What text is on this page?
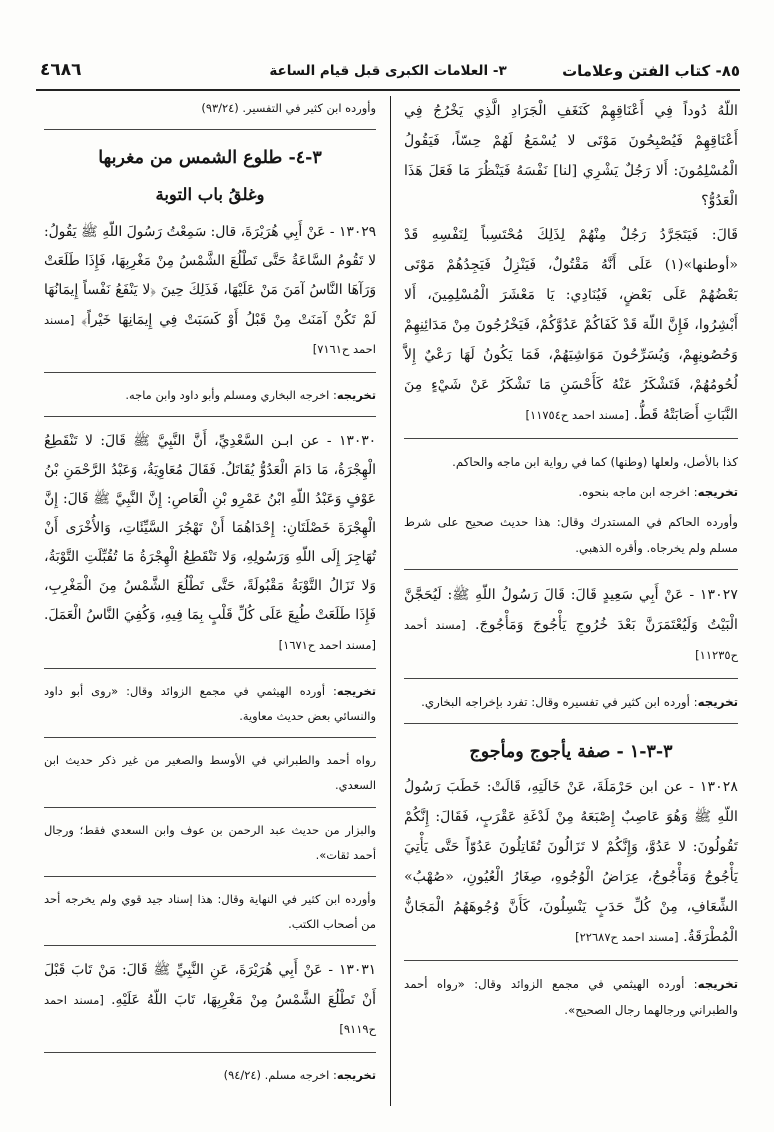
٨٥- كتاب الفتن وعلامات
٣- العلامات الكبرى قبل قيام الساعة
٤٦٨٦

اللّهُ دُوداً فِي أَعْنَاقِهِمْ كَنَغَفِ الْجَرَادِ الَّذِي يَخْرُجُ فِي أَعْنَاقِهِمْ فَيُصْبِحُونَ مَوْتَى لا يُسْمَعُ لَهُمْ حِسّاً، فَيَقُولُ الْمُسْلِمُونَ: أَلا رَجُلٌ يَشْرِي [لنا] نَفْسَهُ فَيَنْظُرَ مَا فَعَلَ هَذَا الْعَدُوُّ؟

قَالَ: فَيَتَجَرَّدُ رَجُلٌ مِنْهُمْ لِذَلِكَ مُحْتَسِباً لِنَفْسِهِ قَدْ «أوطنها»(١) عَلَى أَنَّهُ مَقْتُولٌ، فَيَنْزِلُ فَيَجِدُهُمْ مَوْتَى بَعْضُهُمْ عَلَى بَعْضٍ، فَيُنَادِي: يَا مَعْشَرَ الْمُسْلِمِينَ، أَلا أَبْشِرُوا، فَإِنَّ اللّهَ قَدْ كَفَاكُمْ عَدُوَّكُمْ، فَيَخْرُجُونَ مِنْ مَدَائِنِهِمْ وَحُصُونِهِمْ، وَيُسَرِّحُونَ مَوَاشِيَهُمْ، فَمَا يَكُونُ لَهَا رَعْيٌ إِلاَّ لُحُومُهُمْ، فَتَشْكَرُ عَنْهُ كَأَحْسَنِ مَا تَشْكَرُ عَنْ شَيْءٍ مِنَ النَّبَاتِ أَصَابَتْهُ قَطُّ. [مسند احمد ح١١٧٥٤]

كذا بالأصل، ولعلها (وطنها) كما في رواية ابن ماجه والحاكم.

تخريجه: اخرجه ابن ماجه بنحوه.

وأورده الحاكم في المستدرك وقال: هذا حديث صحيح على شرط مسلم ولم يخرجاه. وأقره الذهبي.

١٣٠٢٧ - عَنْ أَبِي سَعِيدٍ قَالَ: قَالَ رَسُولُ اللّهِ ﷺ: لَيُحَجَّنَّ الْبَيْتُ وَلَيُعْتَمَرَنَّ بَعْدَ خُرُوجِ يَأْجُوجَ وَمَأْجُوجَ. [مسند أحمد ح١١٢٣٥]

تخريجه: أورده ابن كثير في تفسيره وقال: تفرد بإخراجه البخاري.

٣-٣-١ - صفة يأجوج ومأجوج

١٣٠٢٨ - عن ابن حَرْمَلَةَ، عَنْ خَالَتِهِ، قَالَتْ: خَطَبَ رَسُولُ اللّهِ ﷺ وَهُوَ عَاصِبٌ إِصْبَعَهُ مِنْ لَدْغَةِ عَقْرَبٍ، فَقَالَ: إِنَّكُمْ تَقُولُونَ: لا عَدُوَّ، وَإِنَّكُمْ لا تَزَالُونَ تُقَاتِلُونَ عَدُوّاً حَتَّى يَأْتِيَ يَأْجُوجُ وَمَأْجُوجُ، عِرَاضُ الْوُجُوهِ، صِغَارُ الْعُيُونِ، «صُهْبُ» الشِّعَافِ، مِنْ كُلِّ حَدَبٍ يَنْسِلُونَ، كَأَنَّ وُجُوهَهُمُ الْمَجَانُّ الْمُطْرَقَةُ. [مسند احمد ح٢٢٦٨٧]

تخريجه: أورده الهيثمي في مجمع الزوائد وقال: «رواه أحمد والطبراني ورجالهما رجال الصحيح».

وأورده ابن كثير في التفسير. (٩٣/٢٤)

٣-٤- طلوع الشمس من مغربها
وغلقُ باب التوبة

١٣٠٢٩ - عَنْ أَبِي هُرَيْرَةَ، قال: سَمِعْتُ رَسُولَ اللّهِ ﷺ يَقُولُ: لا تَقُومُ السَّاعَةُ حَتَّى تَطْلُعَ الشَّمْسُ مِنْ مَغْرِبِهَا، فَإِذَا طَلَعَتْ وَرَآهَا النَّاسُ آمَنَ مَنْ عَلَيْهَا، فَذَلِكَ حِينَ ﴿لا يَنْفَعُ نَفْساً إِيمَانُهَا لَمْ تَكُنْ آمَنَتْ مِنْ قَبْلُ أَوْ كَسَبَتْ فِي إِيمَانِهَا خَيْراً﴾ [مسند احمد ح٧١٦١]

تخريجه: اخرجه البخاري ومسلم وأبو داود وابن ماجه.

١٣٠٣٠ - عن ابـن السَّعْدِيِّ، أَنَّ النَّبِيَّ ﷺ قَالَ: لا تَنْقَطِعُ الْهِجْرَةُ، مَا دَامَ الْعَدُوُّ يُقَاتَلُ. فَقَالَ مُعَاوِيَةُ، وَعَبْدُ الرَّحْمَنِ بْنُ عَوْفٍ وَعَبْدُ اللّهِ ابْنُ عَمْرِو بْنِ الْعَاصِ: إِنَّ النَّبِيَّ ﷺ قَالَ: إِنَّ الْهِجْرَةَ خَصْلَتَانِ: إِحْدَاهُمَا أَنْ تَهْجُرَ السَّيِّئَاتِ، وَالأُخْرَى أَنْ تُهَاجِرَ إِلَى اللّهِ وَرَسُولِهِ، وَلا تَنْقَطِعُ الْهِجْرَةُ مَا تُقُبِّلَتِ التَّوْبَةُ، وَلا تَزَالُ التَّوْبَةُ مَقْبُولَةً، حَتَّى تَطْلُعَ الشَّمْسُ مِنَ الْمَغْرِبِ، فَإِذَا طَلَعَتْ طُبِعَ عَلَى كُلِّ قَلْبٍ بِمَا فِيهِ، وَكُفِيَ النَّاسُ الْعَمَلَ. [مسند احمد ح١٦٧١]

تخريجه: أورده الهيثمي في مجمع الزوائد وقال: «روى أبو داود والنسائي بعض حديث معاوية.

رواه أحمد والطبراني في الأوسط والصغير من غير ذكر حديث ابن السعدي.

والبزار من حديث عبد الرحمن بن عوف وابن السعدي فقط؛ ورجال أحمد ثقات».

وأورده ابن كثير في النهاية وقال: هذا إسناد جيد قوي ولم يخرجه أحد من أصحاب الكتب.

١٣٠٣١ - عَنْ أَبِي هُرَيْرَةَ، عَنِ النَّبِيِّ ﷺ قَالَ: مَنْ تَابَ قَبْلَ أَنْ تَطْلُعَ الشَّمْسُ مِنْ مَغْرِبِهَا، تَابَ اللّهُ عَلَيْهِ. [مسند احمد ح٩١١٩]

تخريجه: اخرجه مسلم. (٩٤/٢٤)
